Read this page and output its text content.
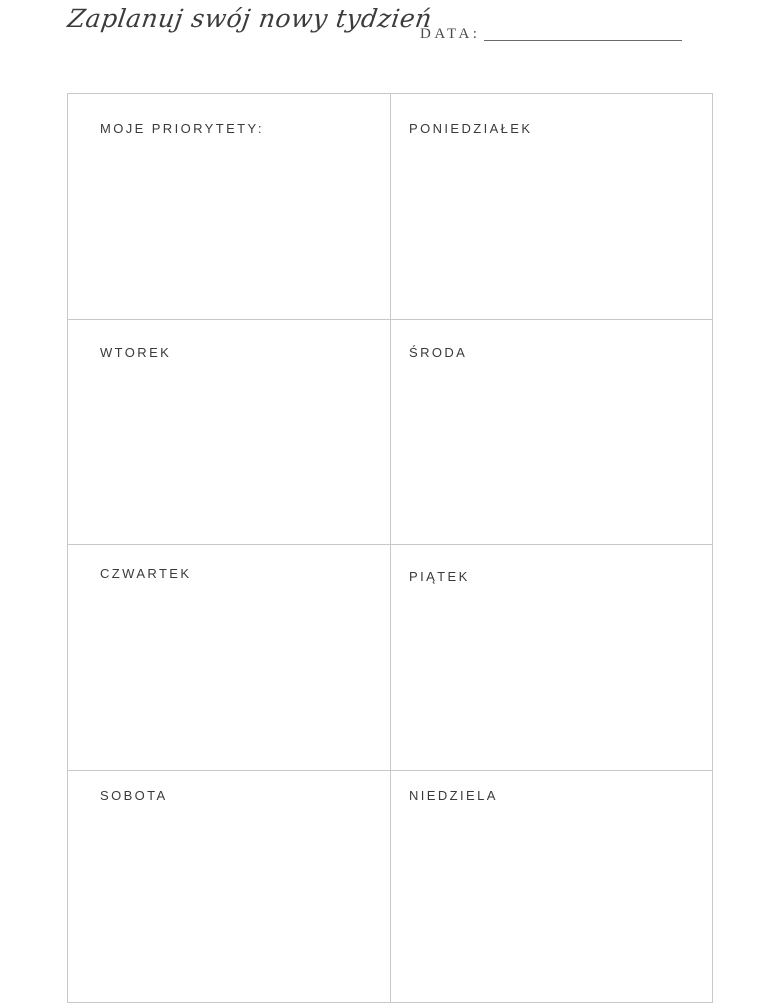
Zaplanuj swój nowy tydzień
DATA:
MOJE PRIORYTETY:	PONIEDZIAŁEK
WTOREK	ŚRODA
CZWARTEK	PIĄTEK
SOBOTA	NIEDZIELA
